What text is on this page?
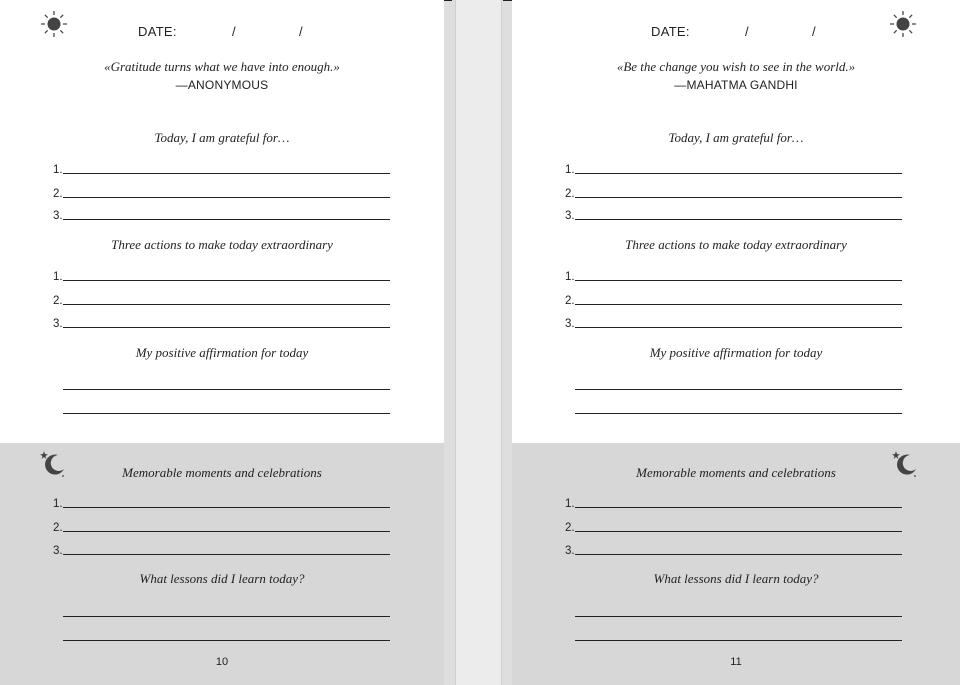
DATE:	/	/
«Gratitude turns what we have into enough.»
—ANONYMOUS
Today, I am grateful for…
1.
2.
3.
Three actions to make today extraordinary
1.
2.
3.
My positive affirmation for today
Memorable moments and celebrations
1.
2.
3.
What lessons did I learn today?
10
DATE:	/	/
«Be the change you wish to see in the world.»
—MAHATMA GANDHI
Today, I am grateful for…
1.
2.
3.
Three actions to make today extraordinary
1.
2.
3.
My positive affirmation for today
Memorable moments and celebrations
1.
2.
3.
What lessons did I learn today?
11
